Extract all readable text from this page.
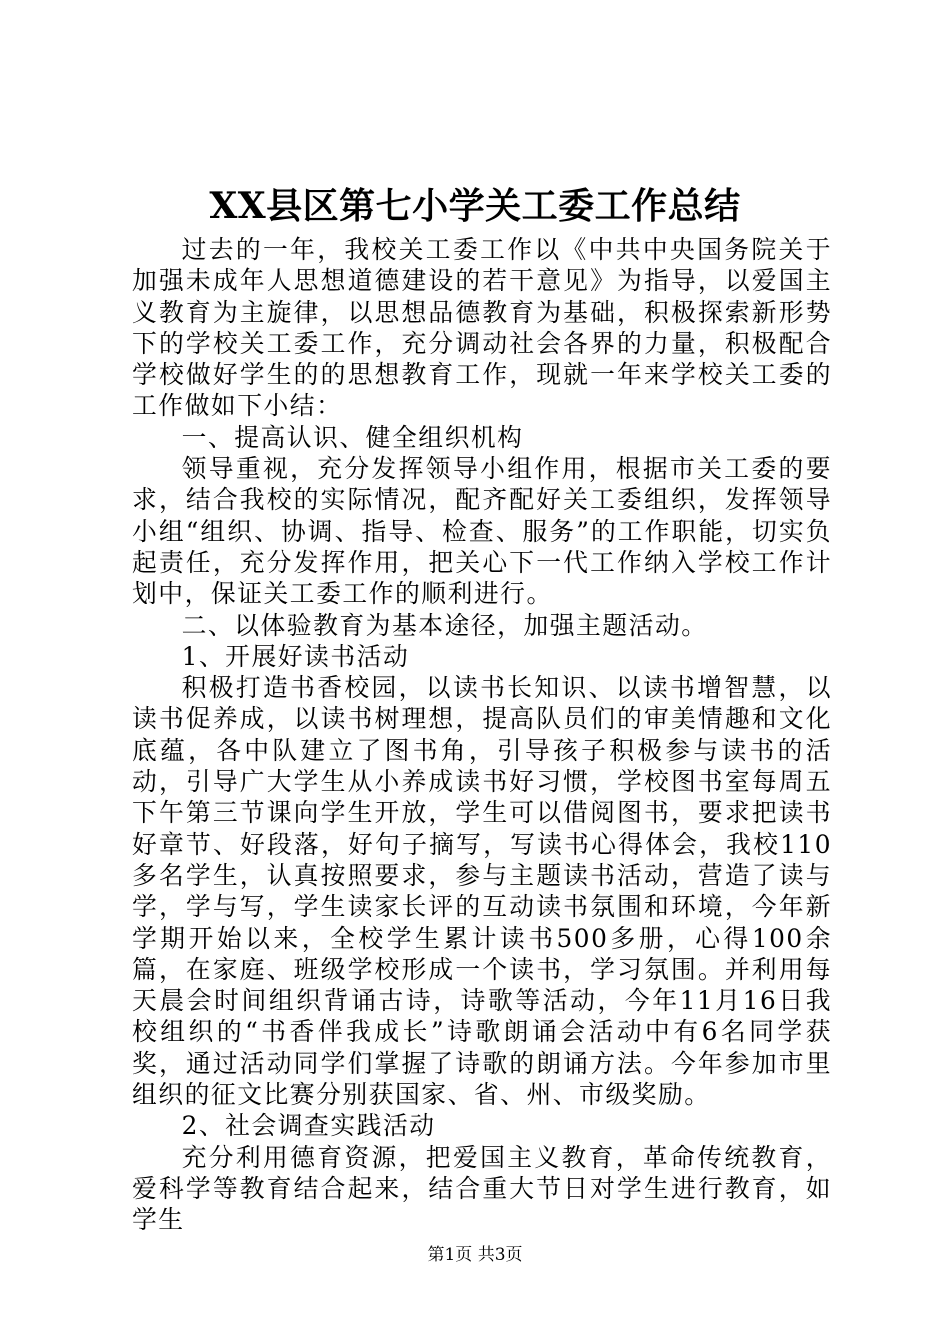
XX县区第七小学关工委工作总结

过去的一年，我校关工委工作以《中共中央国务院关于加强未成年人思想道德建设的若干意见》为指导，以爱国主义教育为主旋律，以思想品德教育为基础，积极探索新形势下的学校关工委工作，充分调动社会各界的力量，积极配合学校做好学生的的思想教育工作，现就一年来学校关工委的工作做如下小结：

一、提高认识、健全组织机构

领导重视，充分发挥领导小组作用，根据市关工委的要求，结合我校的实际情况，配齐配好关工委组织，发挥领导小组“组织、协调、指导、检查、服务”的工作职能，切实负起责任，充分发挥作用，把关心下一代工作纳入学校工作计划中，保证关工委工作的顺利进行。

二、以体验教育为基本途径，加强主题活动。

1、开展好读书活动

积极打造书香校园，以读书长知识、以读书增智慧，以读书促养成，以读书树理想，提高队员们的审美情趣和文化底蕴，各中队建立了图书角，引导孩子积极参与读书的活动，引导广大学生从小养成读书好习惯，学校图书室每周五下午第三节课向学生开放，学生可以借阅图书，要求把读书好章节、好段落，好句子摘写，写读书心得体会，我校110多名学生，认真按照要求，参与主题读书活动，营造了读与学，学与写，学生读家长评的互动读书氛围和环境，今年新学期开始以来，全校学生累计读书500多册，心得100余篇，在家庭、班级学校形成一个读书，学习氛围。并利用每天晨会时间组织背诵古诗，诗歌等活动，今年11月16日我校组织的“书香伴我成长”诗歌朗诵会活动中有6名同学获奖，通过活动同学们掌握了诗歌的朗诵方法。今年参加市里组织的征文比赛分别获国家、省、州、市级奖励。

2、社会调查实践活动

充分利用德育资源，把爱国主义教育，革命传统教育，爱科学等教育结合起来，结合重大节日对学生进行教育，如学生

第1页 共3页
